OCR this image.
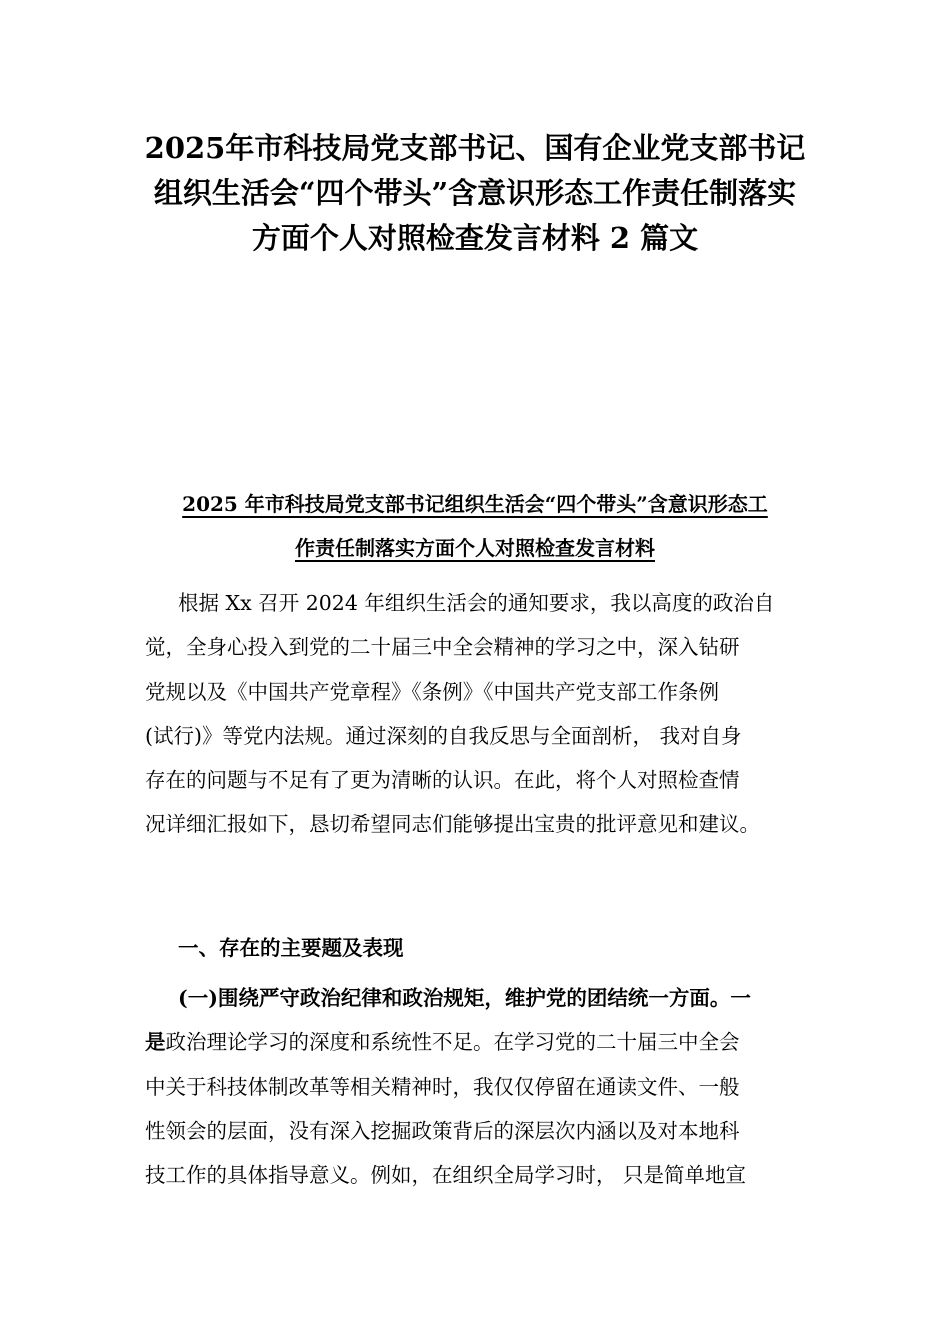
2025年市科技局党支部书记、国有企业党支部书记
组织生活会“四个带头”含意识形态工作责任制落实
方面个人对照检查发言材料 2 篇文
2025 年市科技局党支部书记组织生活会“四个带头”含意识形态工
作责任制落实方面个人对照检查发言材料
根据 Xx 召开 2024 年组织生活会的通知要求，我以高度的政治自
觉，全身心投入到党的二十届三中全会精神的学习之中，深入钻研
党规以及《中国共产党章程》《条例》《中国共产党支部工作条例
(试行)》等党内法规。通过深刻的自我反思与全面剖析， 我对自身
存在的问题与不足有了更为清晰的认识。在此，将个人对照检查情
况详细汇报如下，恳切希望同志们能够提出宝贵的批评意见和建议。
一、存在的主要题及表现
(一)围绕严守政治纪律和政治规矩，维护党的团结统一方面。一
是政治理论学习的深度和系统性不足。在学习党的二十届三中全会
中关于科技体制改革等相关精神时，我仅仅停留在通读文件、一般
性领会的层面，没有深入挖掘政策背后的深层次内涵以及对本地科
技工作的具体指导意义。例如，在组织全局学习时， 只是简单地宣
